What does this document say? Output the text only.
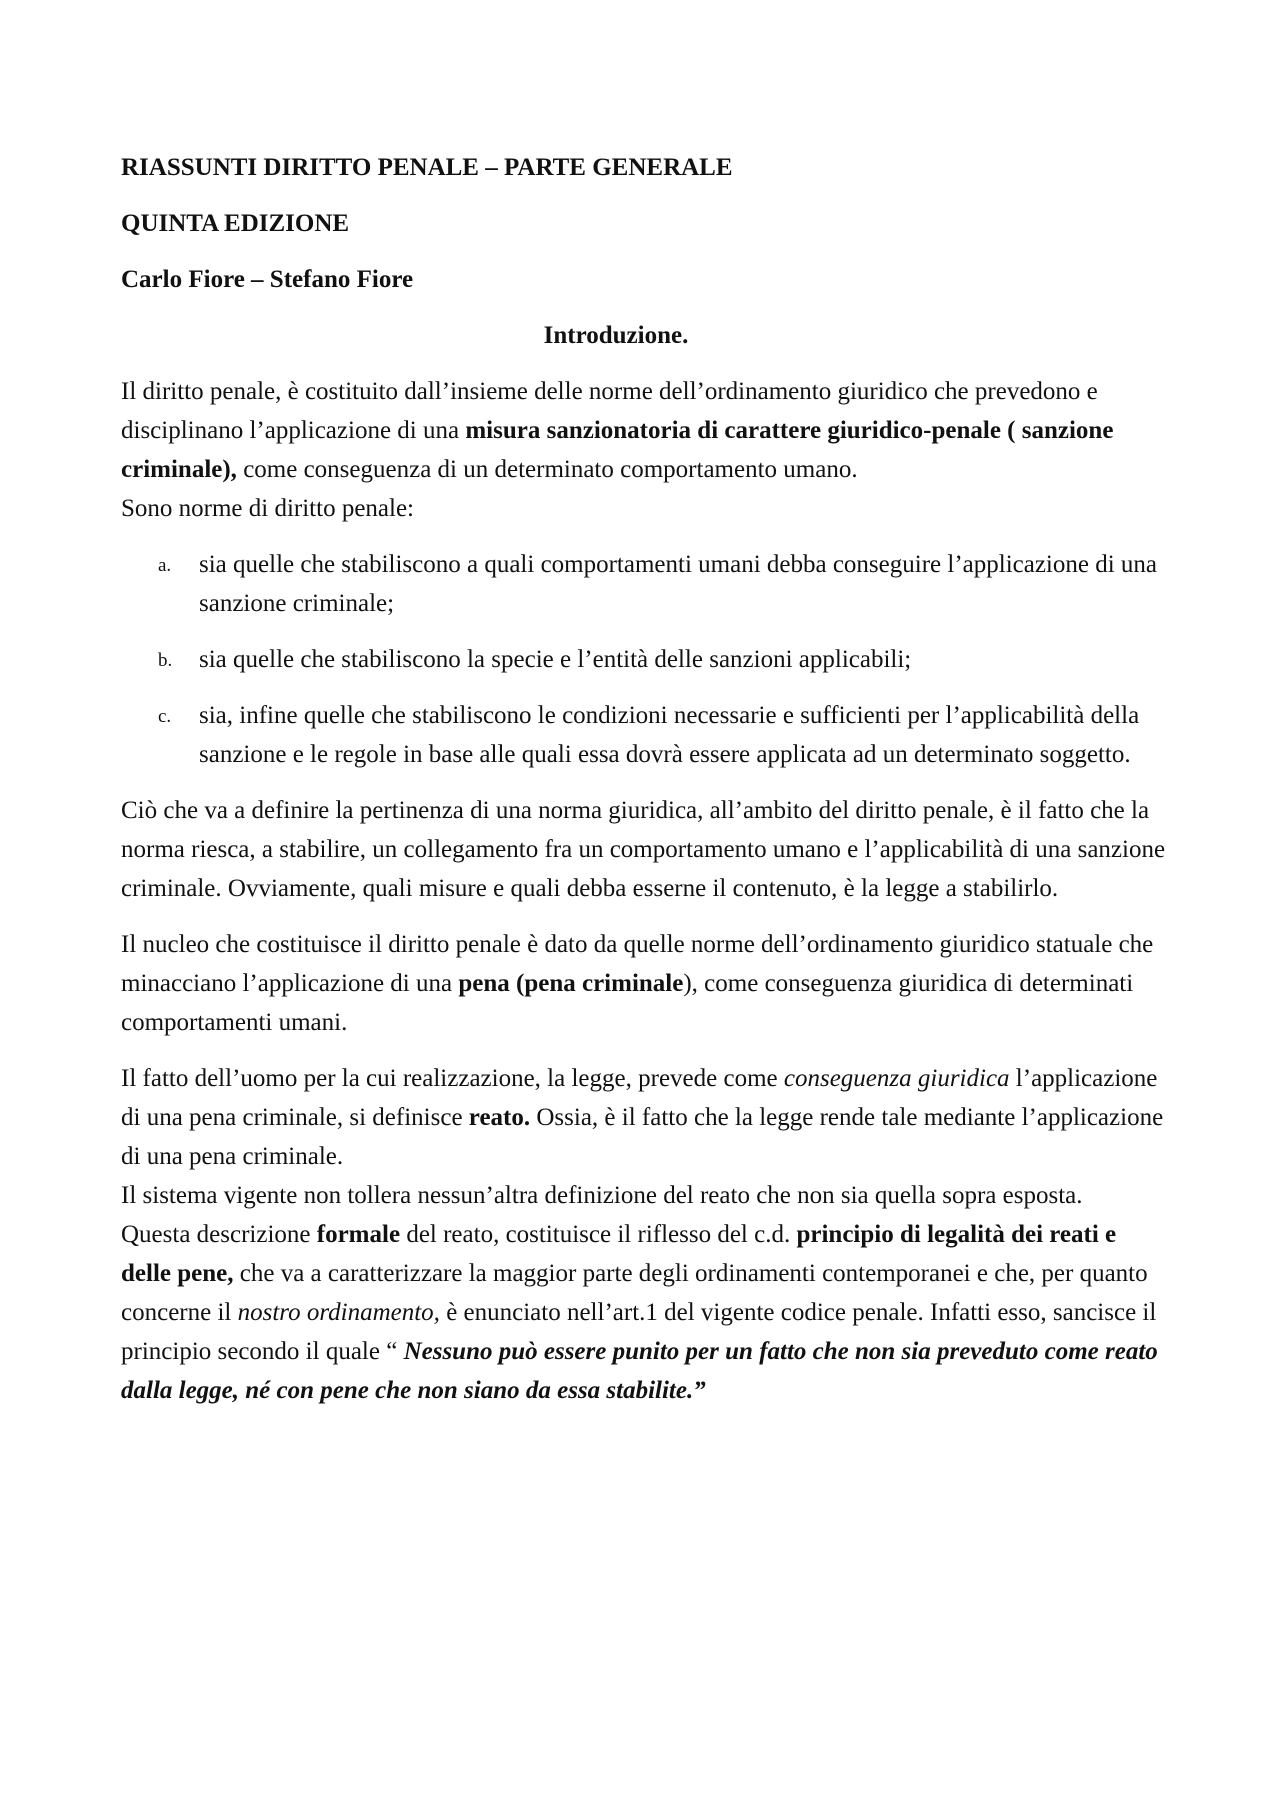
RIASSUNTI DIRITTO PENALE – PARTE GENERALE
QUINTA EDIZIONE
Carlo Fiore – Stefano Fiore
Introduzione.

Il diritto penale, è costituito dall’insieme delle norme dell’ordinamento giuridico che prevedono e disciplinano l’applicazione di una misura sanzionatoria di carattere giuridico-penale ( sanzione criminale), come conseguenza di un determinato comportamento umano.

Sono norme di diritto penale:

a. sia quelle che stabiliscono a quali comportamenti umani debba conseguire l’applicazione di una sanzione criminale;
b. sia quelle che stabiliscono la specie e l’entità delle sanzioni applicabili;
c. sia, infine quelle che stabiliscono le condizioni necessarie e sufficienti per l’applicabilità della sanzione e le regole in base alle quali essa dovrà essere applicata ad un determinato soggetto.

Ciò che va a definire la pertinenza di una norma giuridica, all’ambito del diritto penale, è il fatto che la norma riesca, a stabilire, un collegamento fra un comportamento umano e l’applicabilità di una sanzione criminale. Ovviamente, quali misure e quali debba esserne il contenuto, è la legge a stabilirlo.

Il nucleo che costituisce il diritto penale è dato da quelle norme dell’ordinamento giuridico statuale che minacciano l’applicazione di una pena (pena criminale), come conseguenza giuridica di determinati comportamenti umani.

Il fatto dell’uomo per la cui realizzazione, la legge, prevede come conseguenza giuridica l’applicazione di una pena criminale, si definisce reato. Ossia, è il fatto che la legge rende tale mediante l’applicazione di una pena criminale.

Il sistema vigente non tollera nessun’altra definizione del reato che non sia quella sopra esposta.

Questa descrizione formale del reato, costituisce il riflesso del c.d. principio di legalità dei reati e delle pene, che va a caratterizzare la maggior parte degli ordinamenti contemporanei e che, per quanto concerne il nostro ordinamento, è enunciato nell’art.1 del vigente codice penale. Infatti esso, sancisce il principio secondo il quale “ Nessuno può essere punito per un fatto che non sia preveduto come reato dalla legge, né con pene che non siano da essa stabilite.”
